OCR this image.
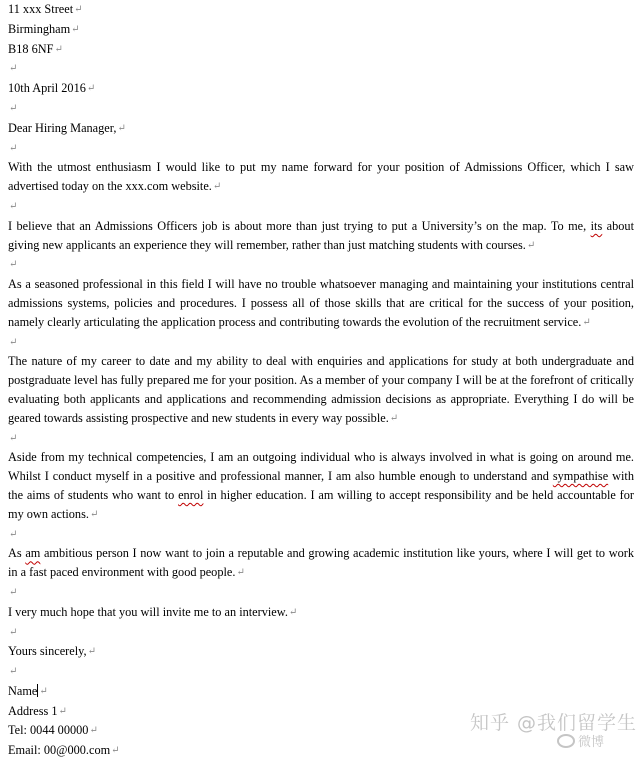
11 xxx Street↵

Birmingham↵

B18 6NF↵

↵

10th April 2016↵

↵

Dear Hiring Manager,↵

↵

With the utmost enthusiasm I would like to put my name forward for your position of Admissions Officer, which I saw advertised today on the xxx.com website.↵

↵

I believe that an Admissions Officers job is about more than just trying to put a University’s on the map. To me, its about giving new applicants an experience they will remember, rather than just matching students with courses.↵

↵

As a seasoned professional in this field I will have no trouble whatsoever managing and maintaining your institutions central admissions systems, policies and procedures. I possess all of those skills that are critical for the success of your position, namely clearly articulating the application process and contributing towards the evolution of the recruitment service.↵

↵

The nature of my career to date and my ability to deal with enquiries and applications for study at both undergraduate and postgraduate level has fully prepared me for your position. As a member of your company I will be at the forefront of critically evaluating both applicants and applications and recommending admission decisions as appropriate. Everything I do will be geared towards assisting prospective and new students in every way possible.↵

↵

Aside from my technical competencies, I am an outgoing individual who is always involved in what is going on around me. Whilst I conduct myself in a positive and professional manner, I am also humble enough to understand and sympathise with the aims of students who want to enrol in higher education. I am willing to accept responsibility and be held accountable for my own actions.↵

↵

As am ambitious person I now want to join a reputable and growing academic institution like yours, where I will get to work in a fast paced environment with good people.↵

↵

I very much hope that you will invite me to an interview.↵

↵

Yours sincerely,↵

↵

Name ↵

Address 1↵

Tel: 0044 00000↵

Email: 00@000.com↵

知乎 @我们留学生
微博
